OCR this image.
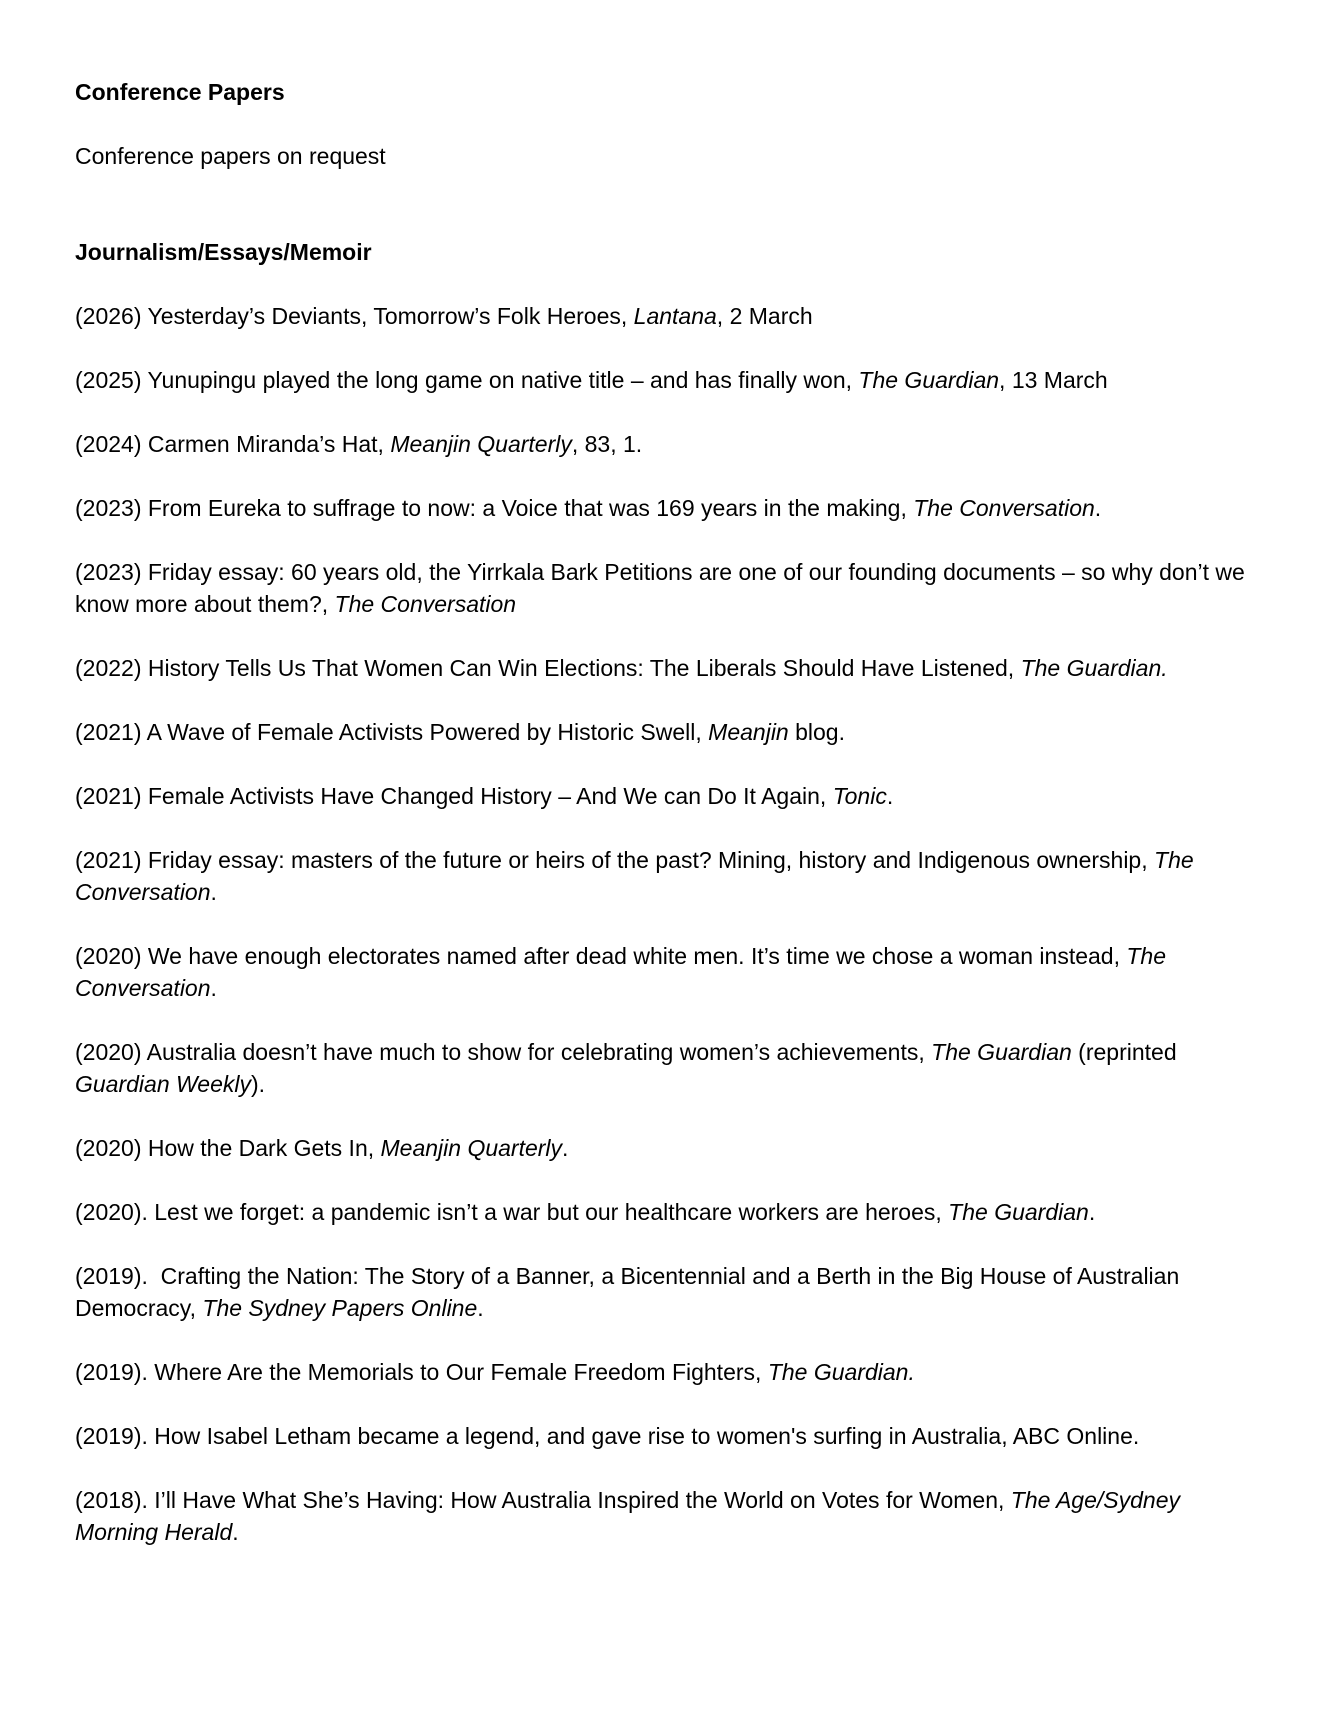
Conference Papers

Conference papers on request

Journalism/Essays/Memoir

(2026) Yesterday’s Deviants, Tomorrow’s Folk Heroes, Lantana, 2 March

(2025) Yunupingu played the long game on native title – and has finally won, The Guardian, 13 March

(2024) Carmen Miranda’s Hat, Meanjin Quarterly, 83, 1.

(2023) From Eureka to suffrage to now: a Voice that was 169 years in the making, The Conversation.

(2023) Friday essay: 60 years old, the Yirrkala Bark Petitions are one of our founding documents – so why don’t we know more about them?, The Conversation

(2022) History Tells Us That Women Can Win Elections: The Liberals Should Have Listened, The Guardian.

(2021) A Wave of Female Activists Powered by Historic Swell, Meanjin blog.

(2021) Female Activists Have Changed History – And We can Do It Again, Tonic.

(2021) Friday essay: masters of the future or heirs of the past? Mining, history and Indigenous ownership, The Conversation.

(2020) We have enough electorates named after dead white men. It’s time we chose a woman instead, The Conversation.

(2020) Australia doesn’t have much to show for celebrating women’s achievements, The Guardian (reprinted Guardian Weekly).

(2020) How the Dark Gets In, Meanjin Quarterly.

(2020). Lest we forget: a pandemic isn’t a war but our healthcare workers are heroes, The Guardian.

(2019).  Crafting the Nation: The Story of a Banner, a Bicentennial and a Berth in the Big House of Australian Democracy, The Sydney Papers Online.

(2019). Where Are the Memorials to Our Female Freedom Fighters, The Guardian.

(2019). How Isabel Letham became a legend, and gave rise to women's surfing in Australia, ABC Online.

(2018). I’ll Have What She’s Having: How Australia Inspired the World on Votes for Women, The Age/Sydney Morning Herald.
